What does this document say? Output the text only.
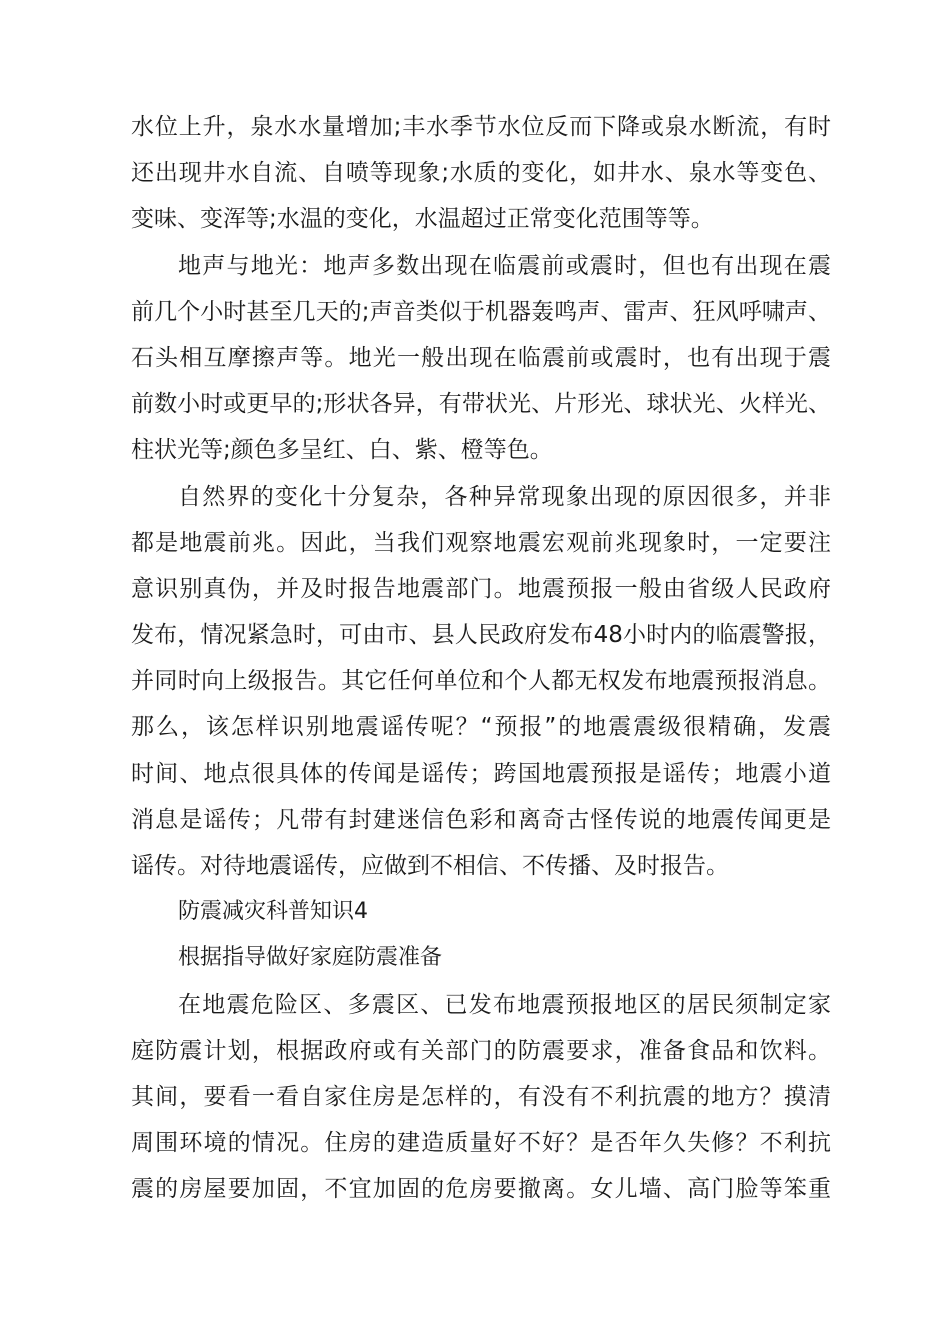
水位上升，泉水水量增加;丰水季节水位反而下降或泉水断流，有时

还出现井水自流、自喷等现象;水质的变化，如井水、泉水等变色、

变味、变浑等;水温的变化，水温超过正常变化范围等等。

地声与地光：地声多数出现在临震前或震时，但也有出现在震

前几个小时甚至几天的;声音类似于机器轰鸣声、雷声、狂风呼啸声、

石头相互摩擦声等。地光一般出现在临震前或震时，也有出现于震

前数小时或更早的;形状各异，有带状光、片形光、球状光、火样光、

柱状光等;颜色多呈红、白、紫、橙等色。

自然界的变化十分复杂，各种异常现象出现的原因很多，并非

都是地震前兆。因此，当我们观察地震宏观前兆现象时，一定要注

意识别真伪，并及时报告地震部门。地震预报一般由省级人民政府

发布，情况紧急时，可由市、县人民政府发布48小时内的临震警报，

并同时向上级报告。其它任何单位和个人都无权发布地震预报消息。

那么，该怎样识别地震谣传呢？“预报”的地震震级很精确，发震

时间、地点很具体的传闻是谣传；跨国地震预报是谣传；地震小道

消息是谣传；凡带有封建迷信色彩和离奇古怪传说的地震传闻更是

谣传。对待地震谣传，应做到不相信、不传播、及时报告。

防震减灾科普知识4

根据指导做好家庭防震准备

在地震危险区、多震区、已发布地震预报地区的居民须制定家

庭防震计划，根据政府或有关部门的防震要求，准备食品和饮料。

其间，要看一看自家住房是怎样的，有没有不利抗震的地方？摸清

周围环境的情况。住房的建造质量好不好？是否年久失修？不利抗

震的房屋要加固，不宜加固的危房要撤离。女儿墙、高门脸等笨重
